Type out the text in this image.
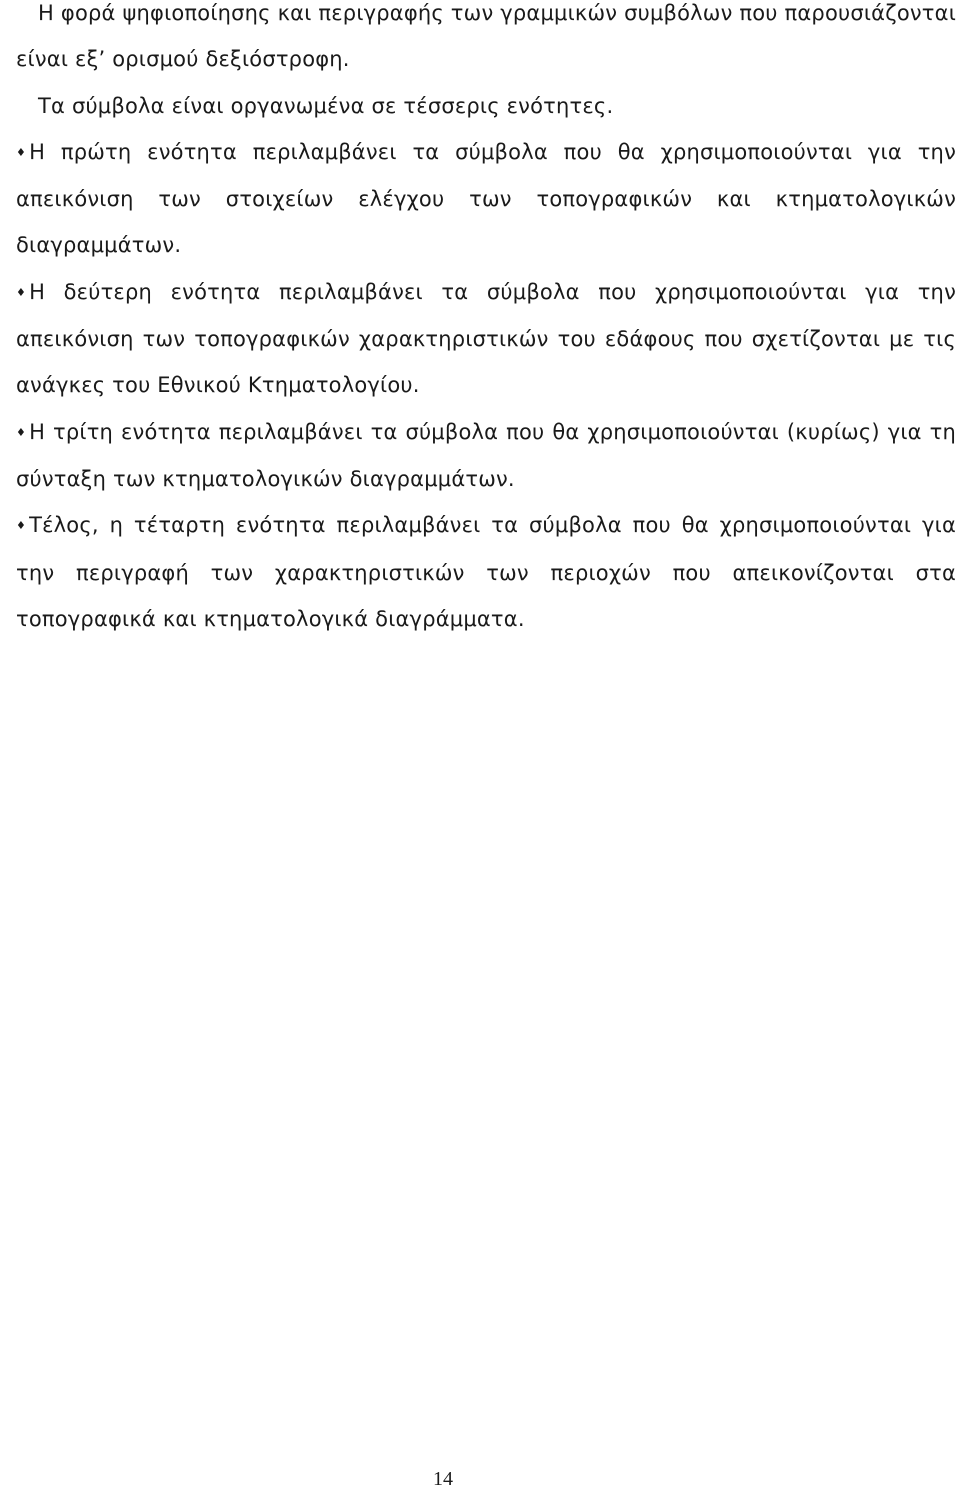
Η φορά ψηφιοποίησης και περιγραφής των γραμμικών συμβόλων που παρουσιάζονται είναι εξ’ ορισμού δεξιόστροφη.

Τα σύμβολα είναι οργανωμένα σε τέσσερις ενότητες.

♦ Η πρώτη ενότητα περιλαμβάνει τα σύμβολα που θα χρησιμοποιούνται για την απεικόνιση των στοιχείων ελέγχου των τοπογραφικών και κτηματολογικών διαγραμμάτων.

♦ Η δεύτερη ενότητα περιλαμβάνει τα σύμβολα που χρησιμοποιούνται για την απεικόνιση των τοπογραφικών χαρακτηριστικών του εδάφους που σχετίζονται με τις ανάγκες του Εθνικού Κτηματολογίου.

♦ Η τρίτη ενότητα περιλαμβάνει τα σύμβολα που θα χρησιμοποιούνται (κυρίως) για τη σύνταξη των κτηματολογικών διαγραμμάτων.

♦ Τέλος, η τέταρτη ενότητα περιλαμβάνει τα σύμβολα που θα χρησιμοποιούνται για την περιγραφή των χαρακτηριστικών των περιοχών που απεικονίζονται στα τοπογραφικά και κτηματολογικά διαγράμματα.

14
